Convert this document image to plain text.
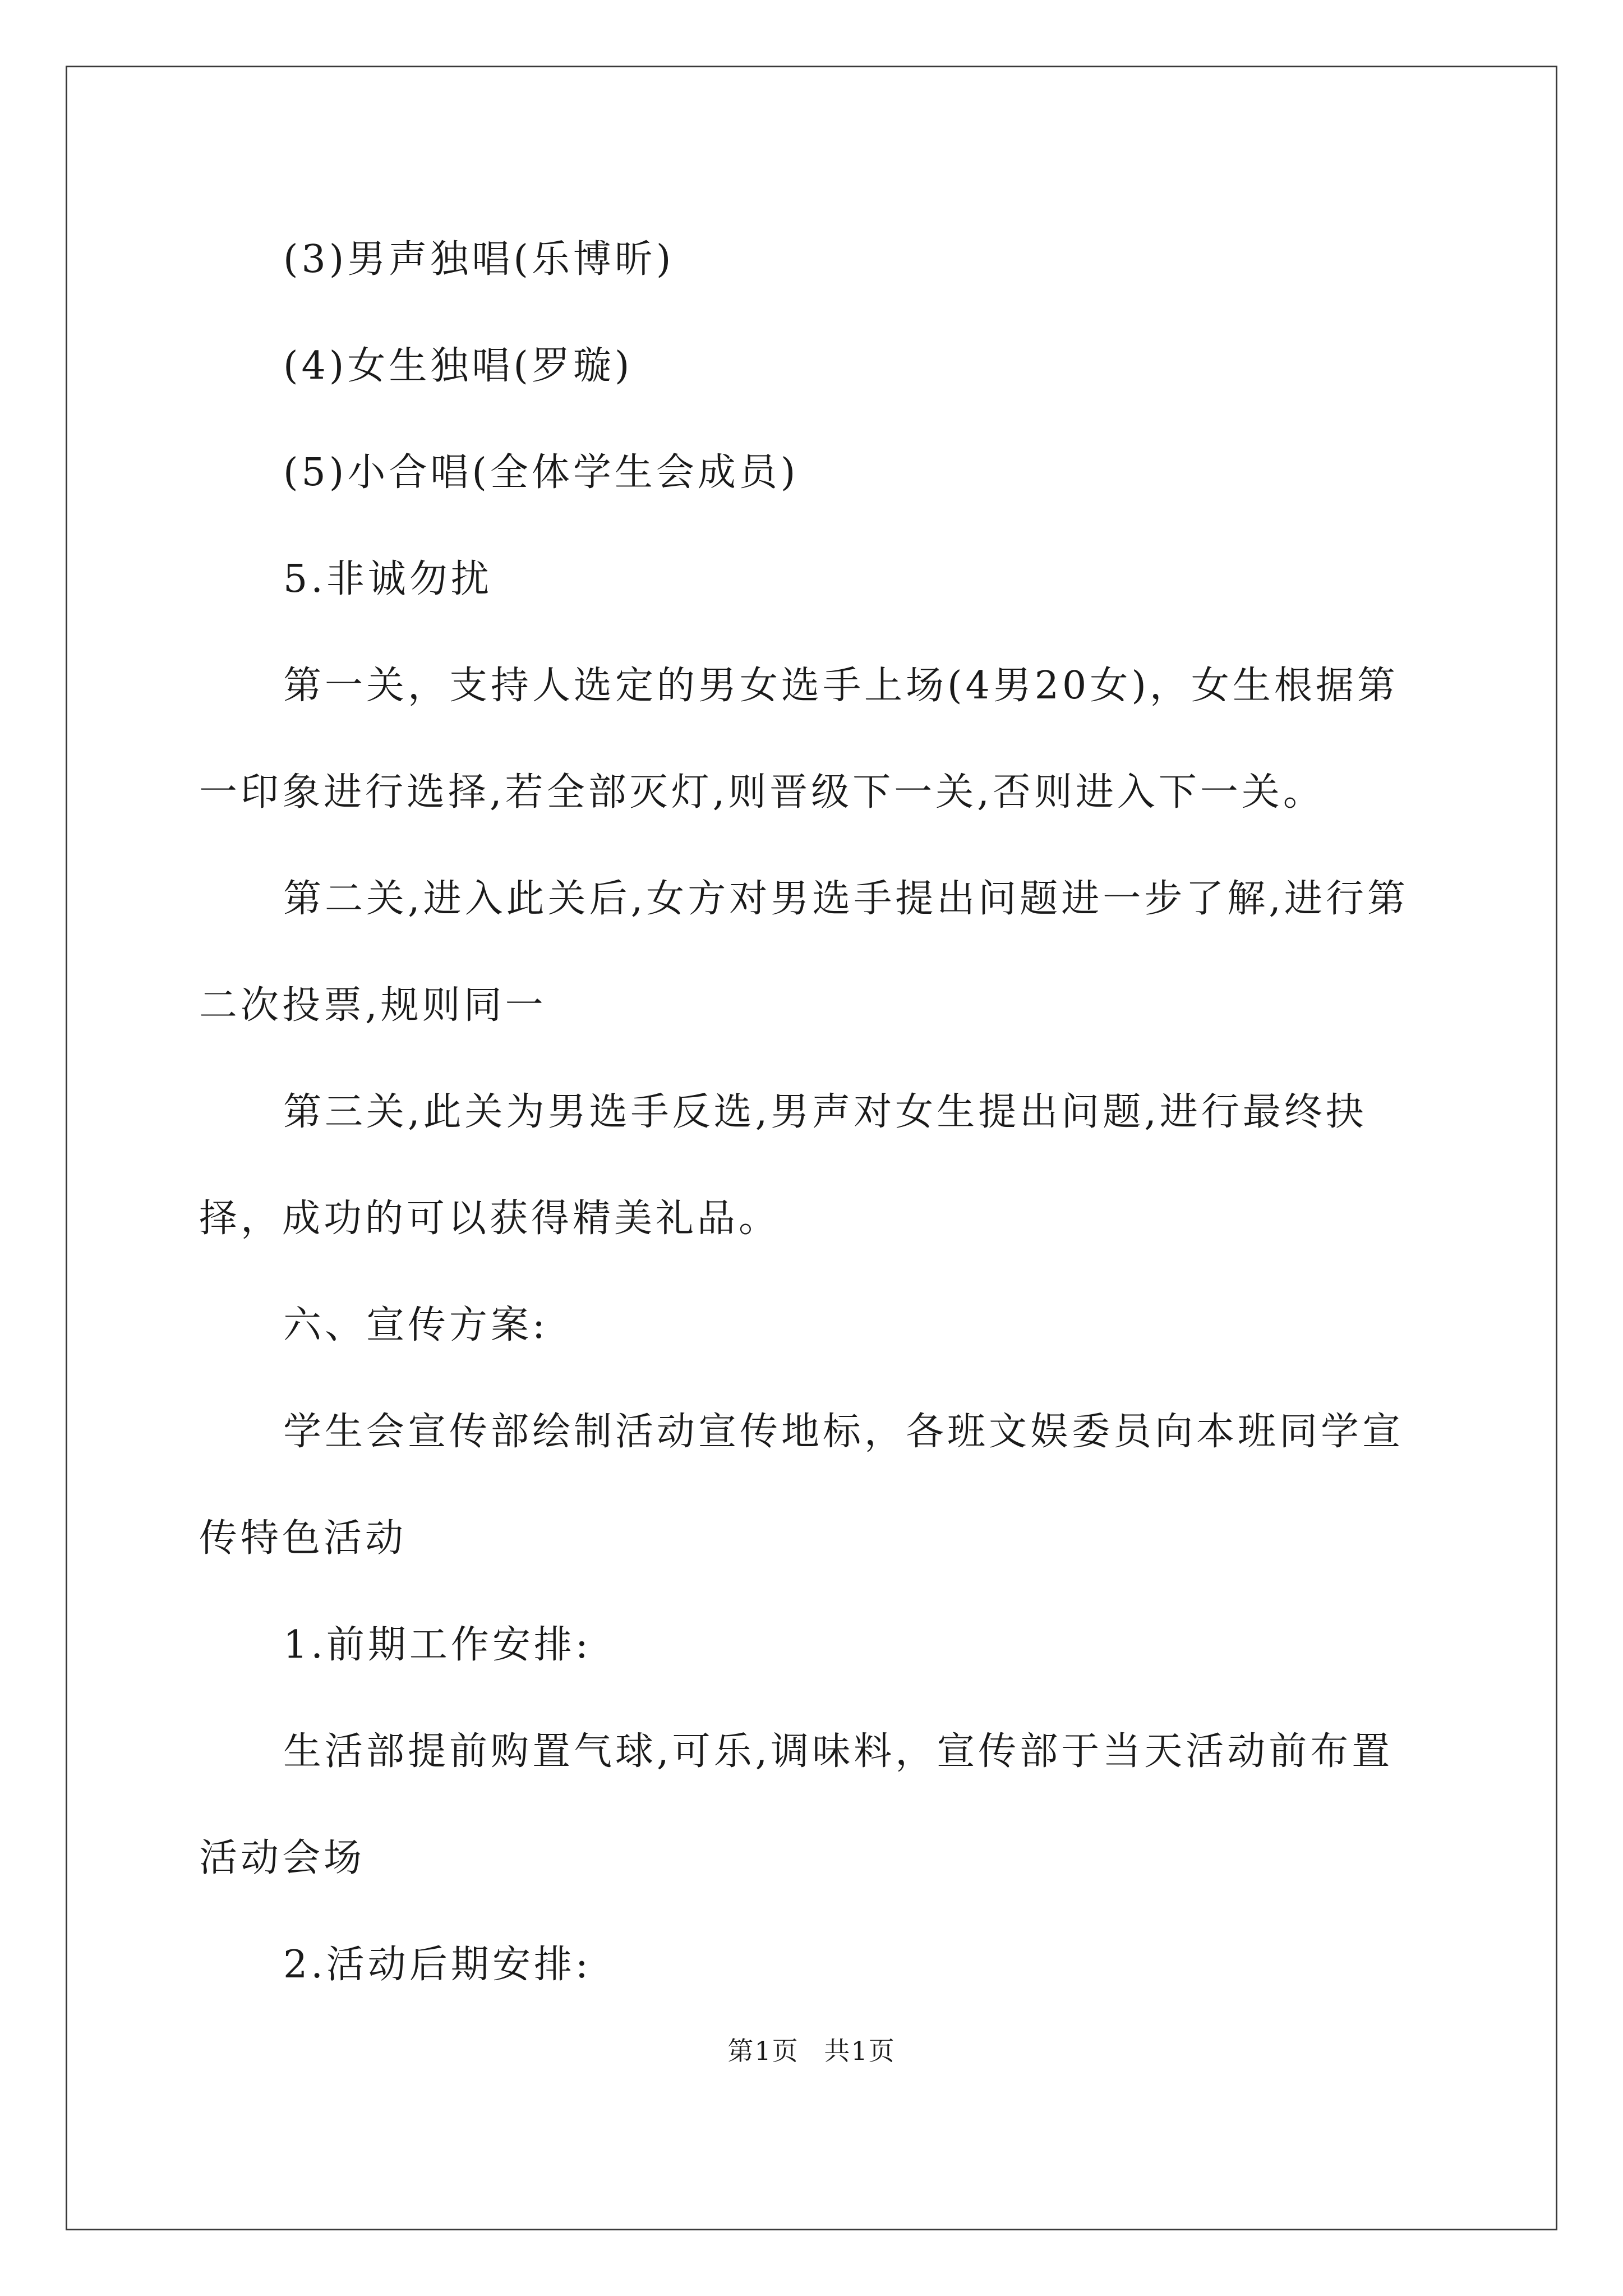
(3)男声独唱(乐博昕)

(4)女生独唱(罗璇)

(5)小合唱(全体学生会成员)

5.非诚勿扰

第一关，支持人选定的男女选手上场(4男20女)，女生根据第一印象进行选择,若全部灭灯,则晋级下一关,否则进入下一关。

第二关,进入此关后,女方对男选手提出问题进一步了解,进行第二次投票,规则同一

第三关,此关为男选手反选,男声对女生提出问题,进行最终抉择，成功的可以获得精美礼品。

六、宣传方案:

学生会宣传部绘制活动宣传地标，各班文娱委员向本班同学宣传特色活动

1.前期工作安排:

生活部提前购置气球,可乐,调味料，宣传部于当天活动前布置活动会场

2.活动后期安排:

第1页 共1页
